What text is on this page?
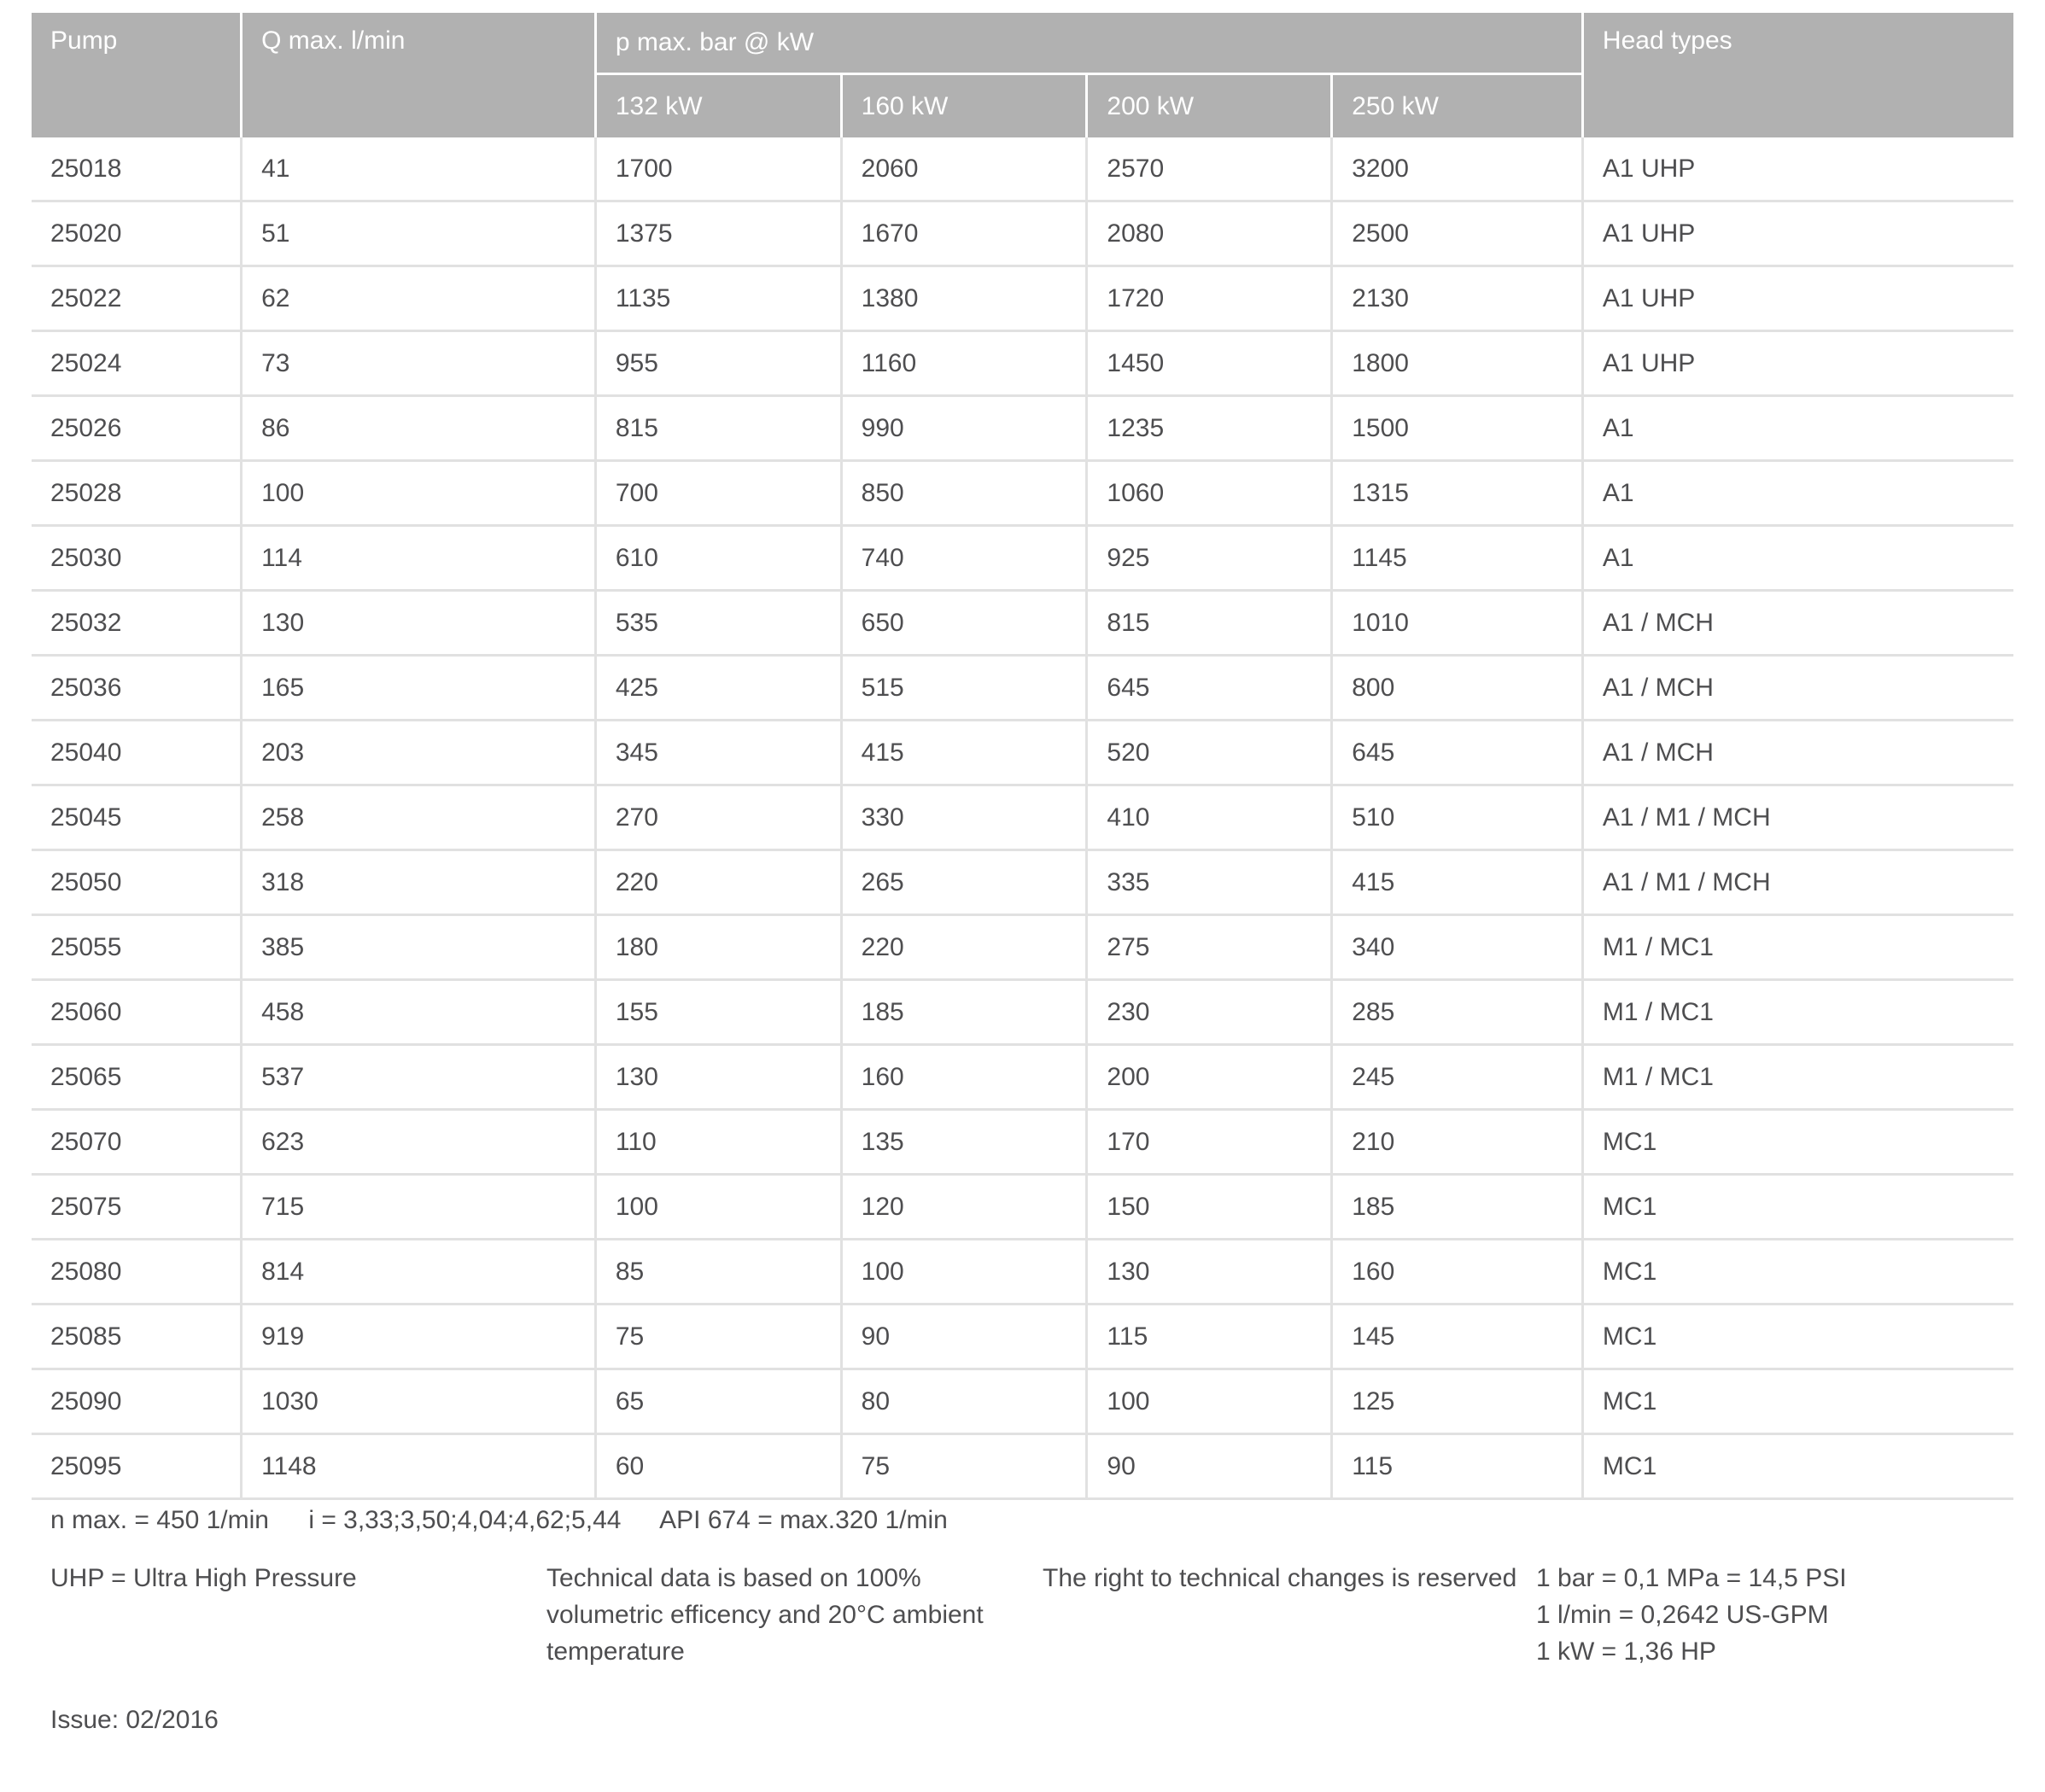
Pump	Q max. l/min	p max. bar @ kW	Head types
132 kW	160 kW	200 kW	250 kW
25018	41	1700	2060	2570	3200	A1 UHP
25020	51	1375	1670	2080	2500	A1 UHP
25022	62	1135	1380	1720	2130	A1 UHP
25024	73	955	1160	1450	1800	A1 UHP
25026	86	815	990	1235	1500	A1
25028	100	700	850	1060	1315	A1
25030	114	610	740	925	1145	A1
25032	130	535	650	815	1010	A1 / MCH
25036	165	425	515	645	800	A1 / MCH
25040	203	345	415	520	645	A1 / MCH
25045	258	270	330	410	510	A1 / M1 / MCH
25050	318	220	265	335	415	A1 / M1 / MCH
25055	385	180	220	275	340	M1 / MC1
25060	458	155	185	230	285	M1 / MC1
25065	537	130	160	200	245	M1 / MC1
25070	623	110	135	170	210	MC1
25075	715	100	120	150	185	MC1
25080	814	85	100	130	160	MC1
25085	919	75	90	115	145	MC1
25090	1030	65	80	100	125	MC1
25095	1148	60	75	90	115	MC1
n max. = 450 1/min i = 3,33;3,50;4,04;4,62;5,44 API 674 = max.320 1/min
UHP = Ultra High Pressure	Technical data is based on 100%
volumetric efficency and 20°C ambient
temperature
The right to technical changes is reserved 1 bar = 0,1 MPa = 14,5 PSI
1 l/min = 0,2642 US-GPM
1 kW = 1,36 HP
Issue: 02/2016
